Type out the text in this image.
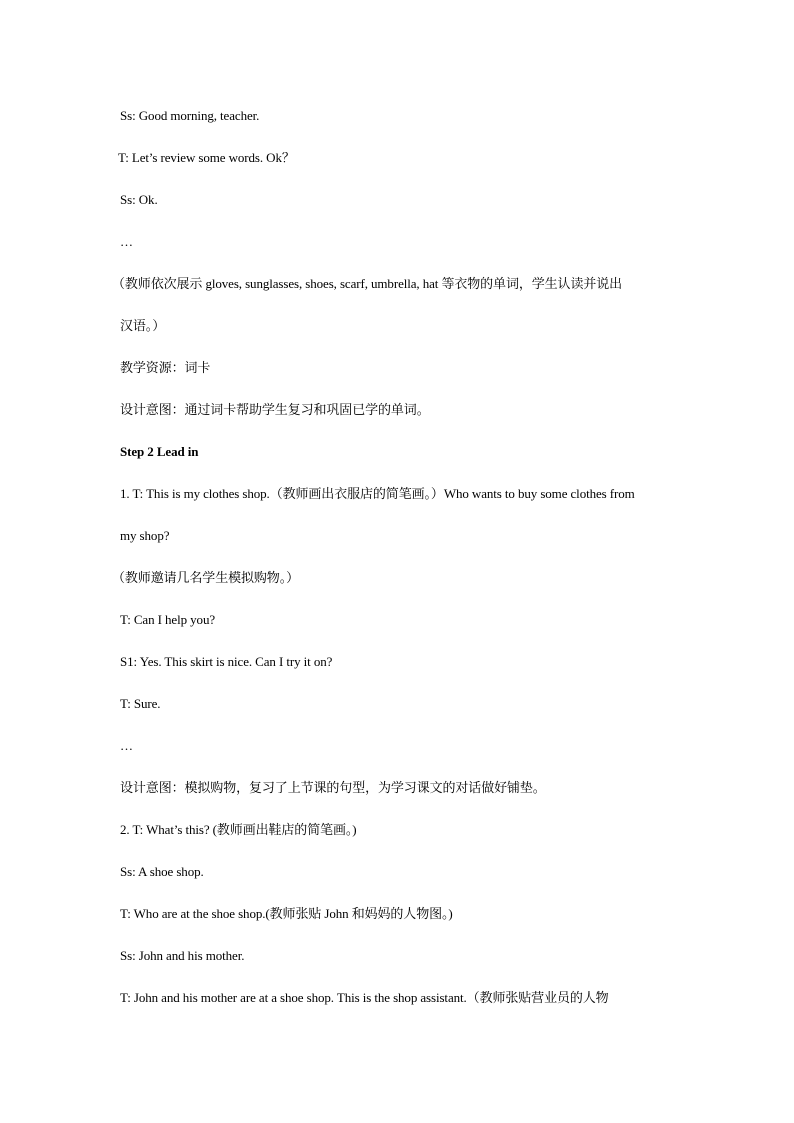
Ss: Good morning, teacher.
T: Let’s review some words. Ok？
Ss: Ok.
…
（教师依次展示 gloves, sunglasses, shoes, scarf, umbrella, hat 等衣物的单词，学生认读并说出
汉语。）
教学资源：词卡
设计意图：通过词卡帮助学生复习和巩固已学的单词。
Step 2 Lead in
1. T: This is my clothes shop.（教师画出衣服店的简笔画。）Who wants to buy some clothes from
my shop?
（教师邀请几名学生模拟购物。）
T: Can I help you?
S1: Yes. This skirt is nice. Can I try it on?
T: Sure.
…
设计意图：模拟购物，复习了上节课的句型，为学习课文的对话做好铺垫。
2. T: What’s this? (教师画出鞋店的简笔画。)
Ss: A shoe shop.
T: Who are at the shoe shop.(教师张贴 John 和妈妈的人物图。)
Ss: John and his mother.
T: John and his mother are at a shoe shop. This is the shop assistant.（教师张贴营业员的人物
